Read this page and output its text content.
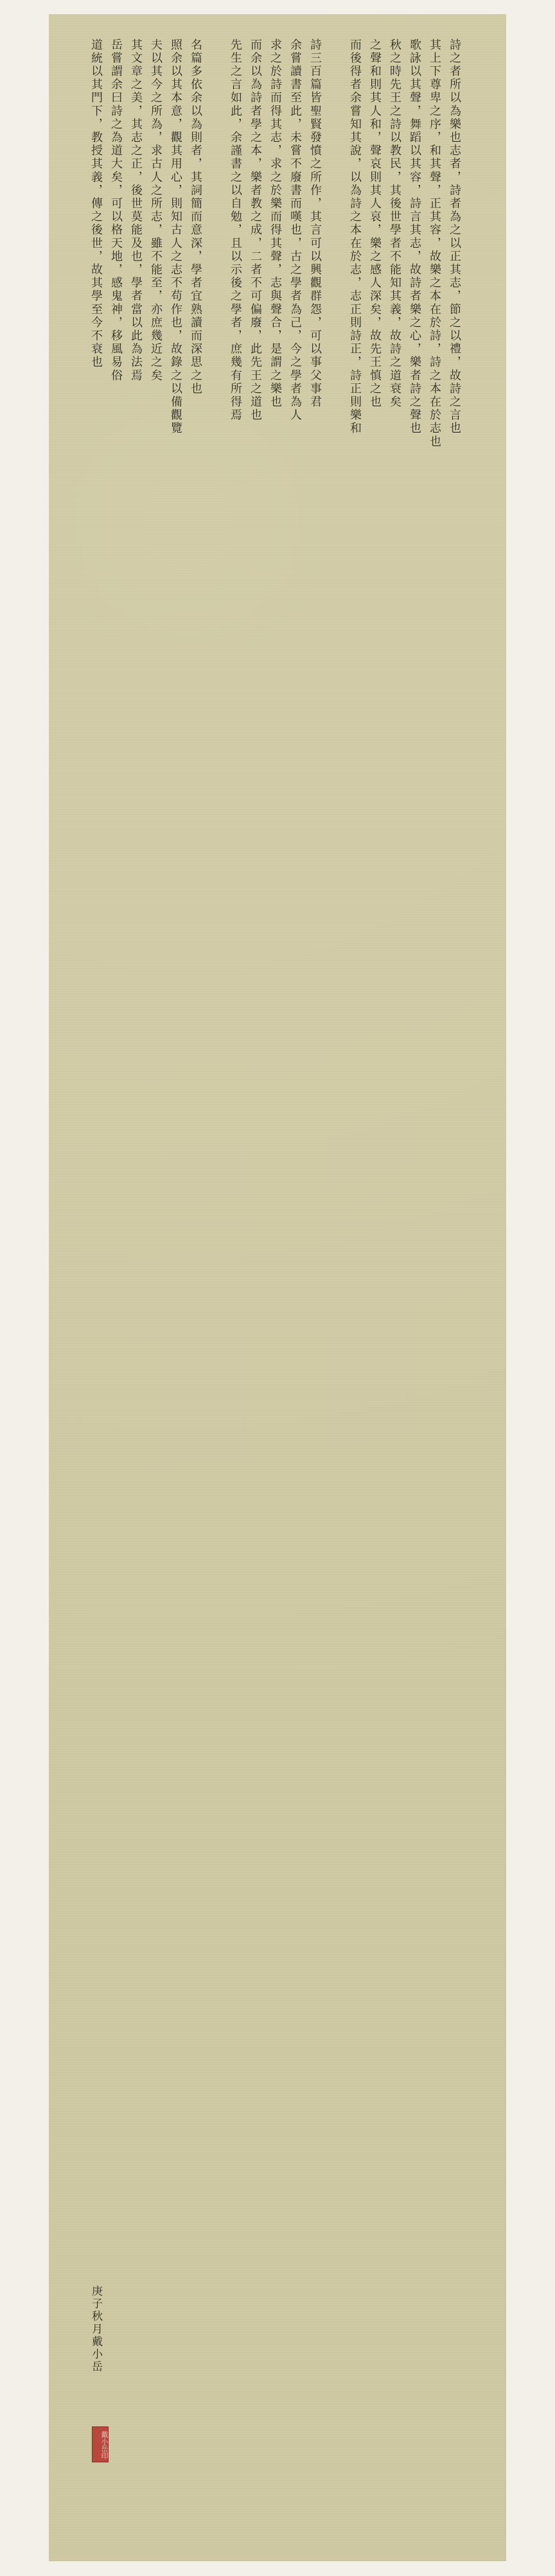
詩之者所以為樂也志者，詩者為之以正其志，節之以禮，故詩之言也
其上下尊卑之序，和其聲，正其容，故樂之本在於詩，詩之本在於志也
歌詠以其聲，舞蹈以其容，詩言其志，故詩者樂之心，樂者詩之聲也
秋之時先王之詩以教民，其後世學者不能知其義，故詩之道衰矣
之聲和則其人和，聲哀則其人哀，樂之感人深矣，故先王慎之也
而後得者余嘗知其說，以為詩之本在於志，志正則詩正，詩正則樂和
詩三百篇皆聖賢發憤之所作，其言可以興觀群怨，可以事父事君
余嘗讀書至此，未嘗不廢書而嘆也，古之學者為己，今之學者為人
求之於詩而得其志，求之於樂而得其聲，志與聲合，是謂之樂也
而余以為詩者學之本，樂者教之成，二者不可偏廢，此先王之道也
先生之言如此，余謹書之以自勉，且以示後之學者，庶幾有所得焉
名篇多依余以為則者，其詞簡而意深，學者宜熟讀而深思之也
照余以其本意，觀其用心，則知古人之志不苟作也，故錄之以備觀覽
夫以其今之所為，求古人之所志，雖不能至，亦庶幾近之矣
其文章之美，其志之正，後世莫能及也，學者當以此為法焉
岳嘗謂余曰詩之為道大矣，可以格天地，感鬼神，移風易俗
道統以其門下，教授其義，傳之後世，故其學至今不衰也
庚子秋月戴小岳
戴小岳印
